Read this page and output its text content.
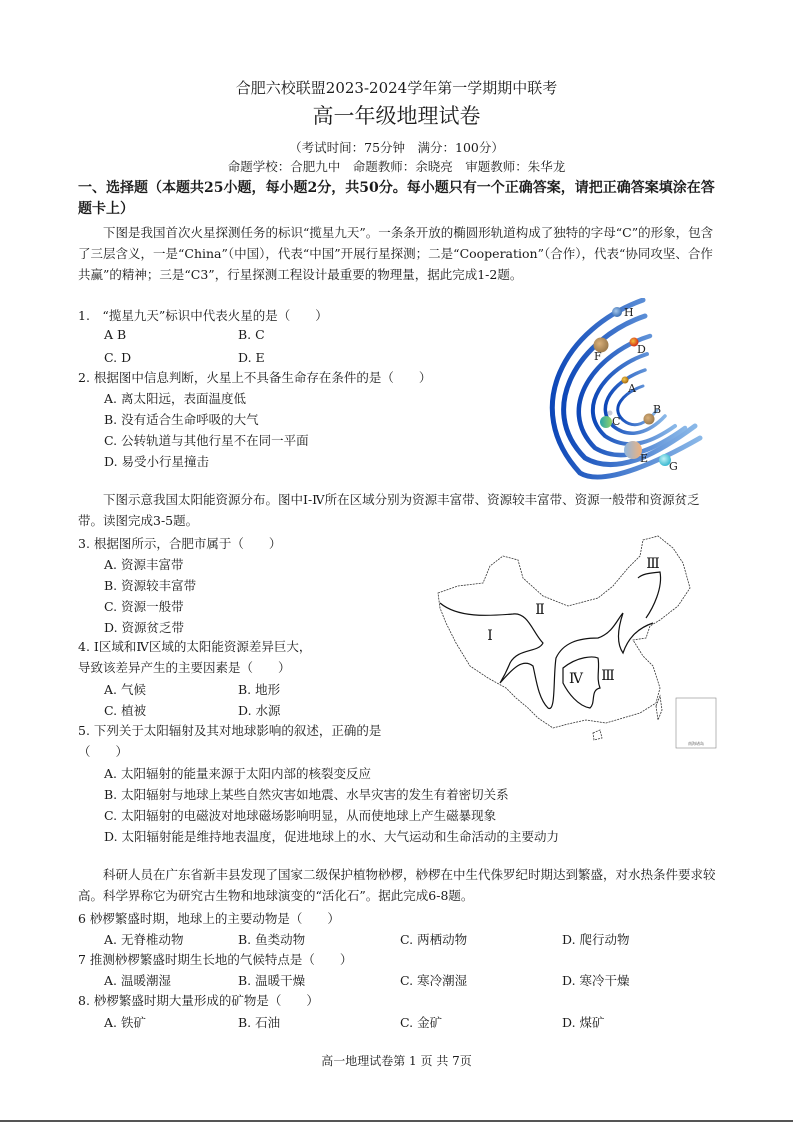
合肥六校联盟2023-2024学年第一学期期中联考
高一年级地理试卷
（考试时间：75分钟　满分：100分）
命题学校：合肥九中　命题教师：余晓亮　审题教师：朱华龙
一、选择题（本题共25小题，每小题2分，共50分。每小题只有一个正确答案，请把正确答案填涂在答题卡上）
下图是我国首次火星探测任务的标识“揽星九天”。一条条开放的椭圆形轨道构成了独特的字母“C”的形象，包含了三层含义，一是“China”（中国），代表“中国”开展行星探测；二是“Cooperation”（合作），代表“协同攻坚、合作共赢”的精神；三是“C3”，行星探测工程设计最重要的物理量，据此完成1-2题。
1.　“揽星九天”标识中代表火星的是（　　）
A B	B. C
C. D	D. E
2. 根据图中信息判断，火星上不具备生命存在条件的是（　　）
A. 离太阳远，表面温度低
B. 没有适合生命呼吸的大气
C. 公转轨道与其他行星不在同一平面
D. 易受小行星撞击
H
D
F
A
B
C
E
G
下图示意我国太阳能资源分布。图中Ⅰ-Ⅳ所在区域分别为资源丰富带、资源较丰富带、资源一般带和资源贫乏带。读图完成3-5题。
3. 根据图所示，合肥市属于（　　）
A. 资源丰富带
B. 资源较丰富带
C. 资源一般带
D. 资源贫乏带
4. Ⅰ区域和Ⅳ区域的太阳能资源差异巨大，
导致该差异产生的主要因素是（　　）
A. 气候	B. 地形
C. 植被	D. 水源
Ⅰ
Ⅱ
Ⅲ
Ⅳ Ⅲ
南海诸岛
5. 下列关于太阳辐射及其对地球影响的叙述，正确的是
（　　）
A. 太阳辐射的能量来源于太阳内部的核裂变反应
B. 太阳辐射与地球上某些自然灾害如地震、水旱灾害的发生有着密切关系
C. 太阳辐射的电磁波对地球磁场影响明显，从而使地球上产生磁暴现象
D. 太阳辐射能是维持地表温度，促进地球上的水、大气运动和生命活动的主要动力
科研人员在广东省新丰县发现了国家二级保护植物桫椤，桫椤在中生代侏罗纪时期达到繁盛，对水热条件要求较高。科学界称它为研究古生物和地球演变的“活化石”。据此完成6-8题。
6 桫椤繁盛时期，地球上的主要动物是（　　）
A. 无脊椎动物	B. 鱼类动物	C. 两栖动物	D. 爬行动物
7 推测桫椤繁盛时期生长地的气候特点是（　　）
A. 温暖潮湿	B. 温暖干燥	C. 寒冷潮湿	D. 寒冷干燥
8. 桫椤繁盛时期大量形成的矿物是（　　）
A. 铁矿	B. 石油	C. 金矿	D. 煤矿
高一地理试卷第 1 页 共 7页
